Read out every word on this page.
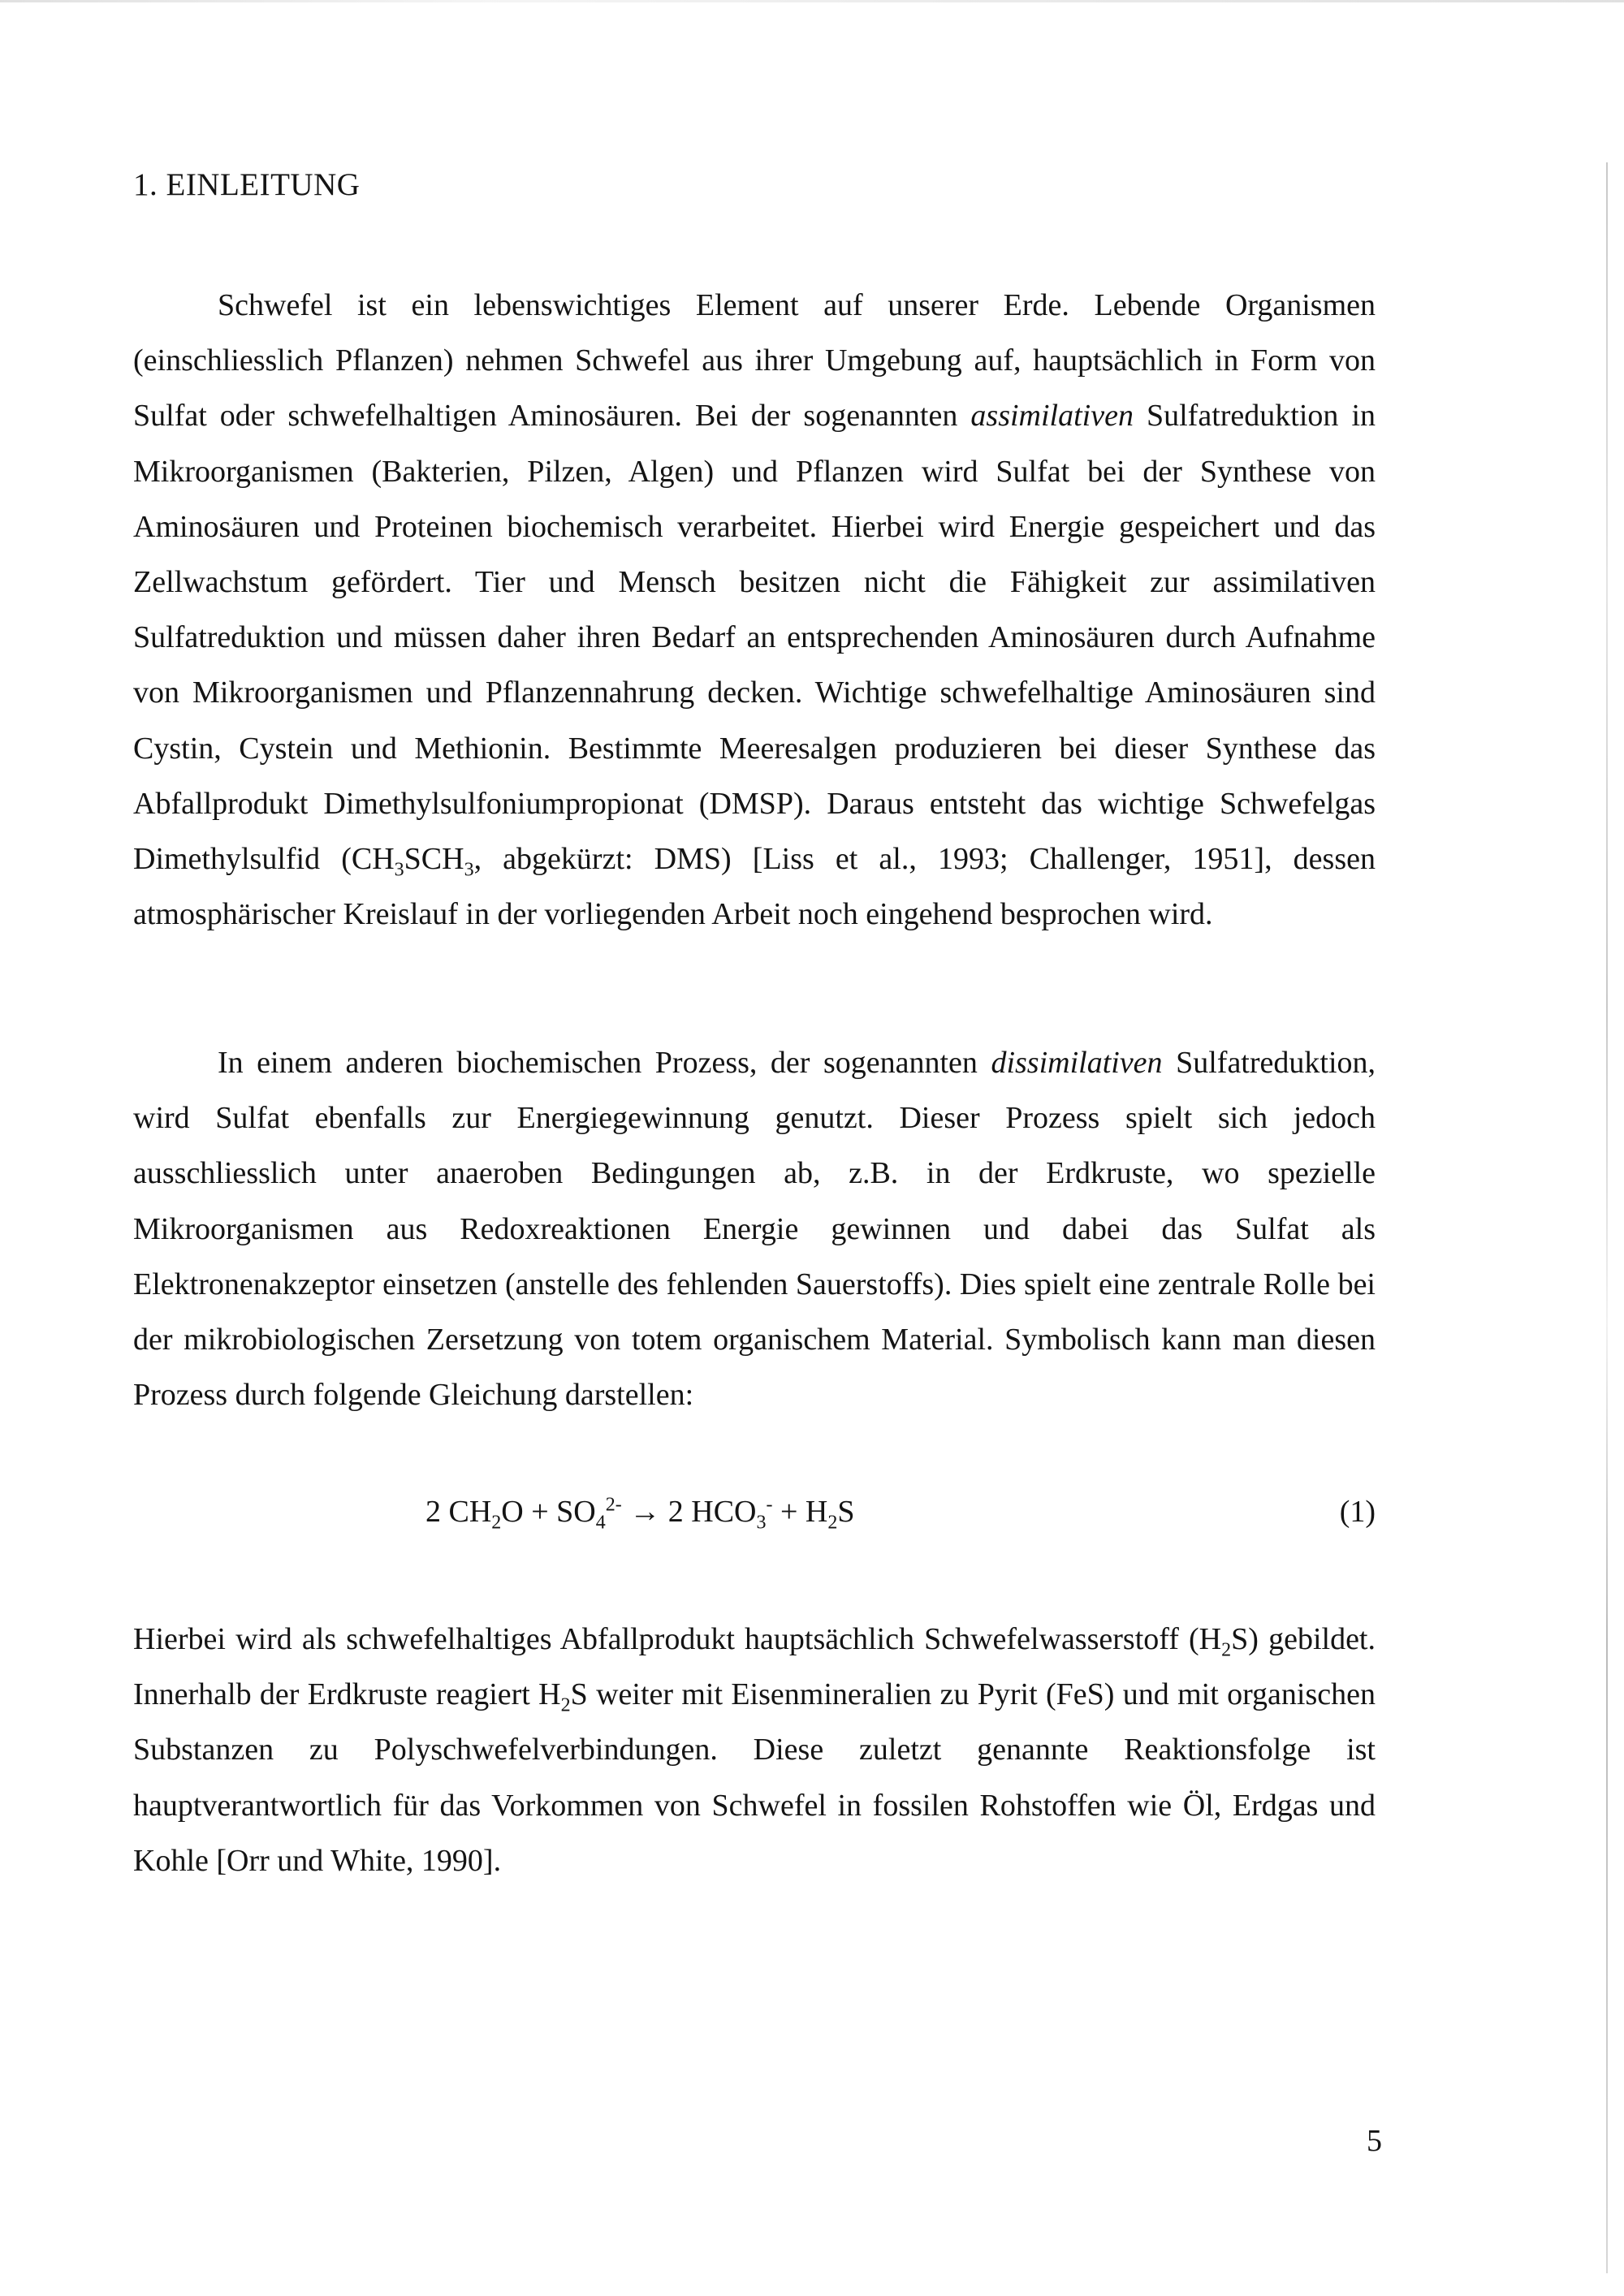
1. EINLEITUNG

Schwefel ist ein lebenswichtiges Element auf unserer Erde. Lebende Organismen (einschliesslich Pflanzen) nehmen Schwefel aus ihrer Umgebung auf, hauptsächlich in Form von Sulfat oder schwefelhaltigen Aminosäuren. Bei der sogenannten assimilativen Sulfatreduktion in Mikroorganismen (Bakterien, Pilzen, Algen) und Pflanzen wird Sulfat bei der Synthese von Aminosäuren und Proteinen biochemisch verarbeitet. Hierbei wird Energie gespeichert und das Zellwachstum gefördert. Tier und Mensch besitzen nicht die Fähigkeit zur assimilativen Sulfatreduktion und müssen daher ihren Bedarf an entsprechenden Aminosäuren durch Aufnahme von Mikroorganismen und Pflanzennahrung decken. Wichtige schwefelhaltige Aminosäuren sind Cystin, Cystein und Methionin. Bestimmte Meeresalgen produzieren bei dieser Synthese das Abfallprodukt Dimethylsulfoniumpropionat (DMSP). Daraus entsteht das wichtige Schwefelgas Dimethylsulfid ($CH_3SCH_3$, abgekürzt: DMS) [Liss et al., 1993; Challenger, 1951], dessen atmosphärischer Kreislauf in der vorliegenden Arbeit noch eingehend besprochen wird.

In einem anderen biochemischen Prozess, der sogenannten dissimilativen Sulfatreduktion, wird Sulfat ebenfalls zur Energiegewinnung genutzt. Dieser Prozess spielt sich jedoch ausschliesslich unter anaeroben Bedingungen ab, z.B. in der Erdkruste, wo spezielle Mikroorganismen aus Redoxreaktionen Energie gewinnen und dabei das Sulfat als Elektronenakzeptor einsetzen (anstelle des fehlenden Sauerstoffs). Dies spielt eine zentrale Rolle bei der mikrobiologischen Zersetzung von totem organischem Material. Symbolisch kann man diesen Prozess durch folgende Gleichung darstellen:

2 $CH_2O + SO_4^{2-} \to 2$ $HCO_3^- + H_2S$	(1)

Hierbei wird als schwefelhaltiges Abfallprodukt hauptsächlich Schwefelwasserstoff $(H_2S)$ gebildet. Innerhalb der Erdkruste reagiert $H_2S$ weiter mit Eisenmineralien zu Pyrit (FeS) und mit organischen Substanzen zu Polyschwefelverbindungen. Diese zuletzt genannte Reaktionsfolge ist hauptverantwortlich für das Vorkommen von Schwefel in fossilen Rohstoffen wie Öl, Erdgas und Kohle [Orr und White, 1990].

5
